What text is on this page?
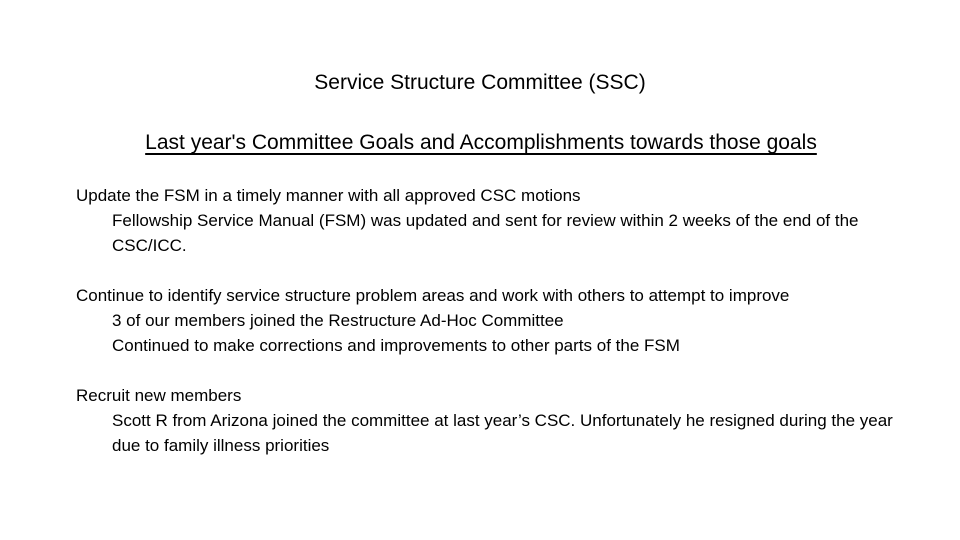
Service Structure Committee (SSC)
Last year's Committee Goals and Accomplishments towards those goals
Update the FSM in a timely manner with all approved CSC motions
Fellowship Service Manual (FSM) was updated and sent for review within 2 weeks of the end of the CSC/ICC.
Continue to identify service structure problem areas and work with others to attempt to improve
3 of our members joined the Restructure Ad-Hoc Committee
Continued to make corrections and improvements to other parts of the FSM
Recruit new members
Scott R from Arizona joined the committee at last year’s CSC. Unfortunately he resigned during the year due to family illness priorities
